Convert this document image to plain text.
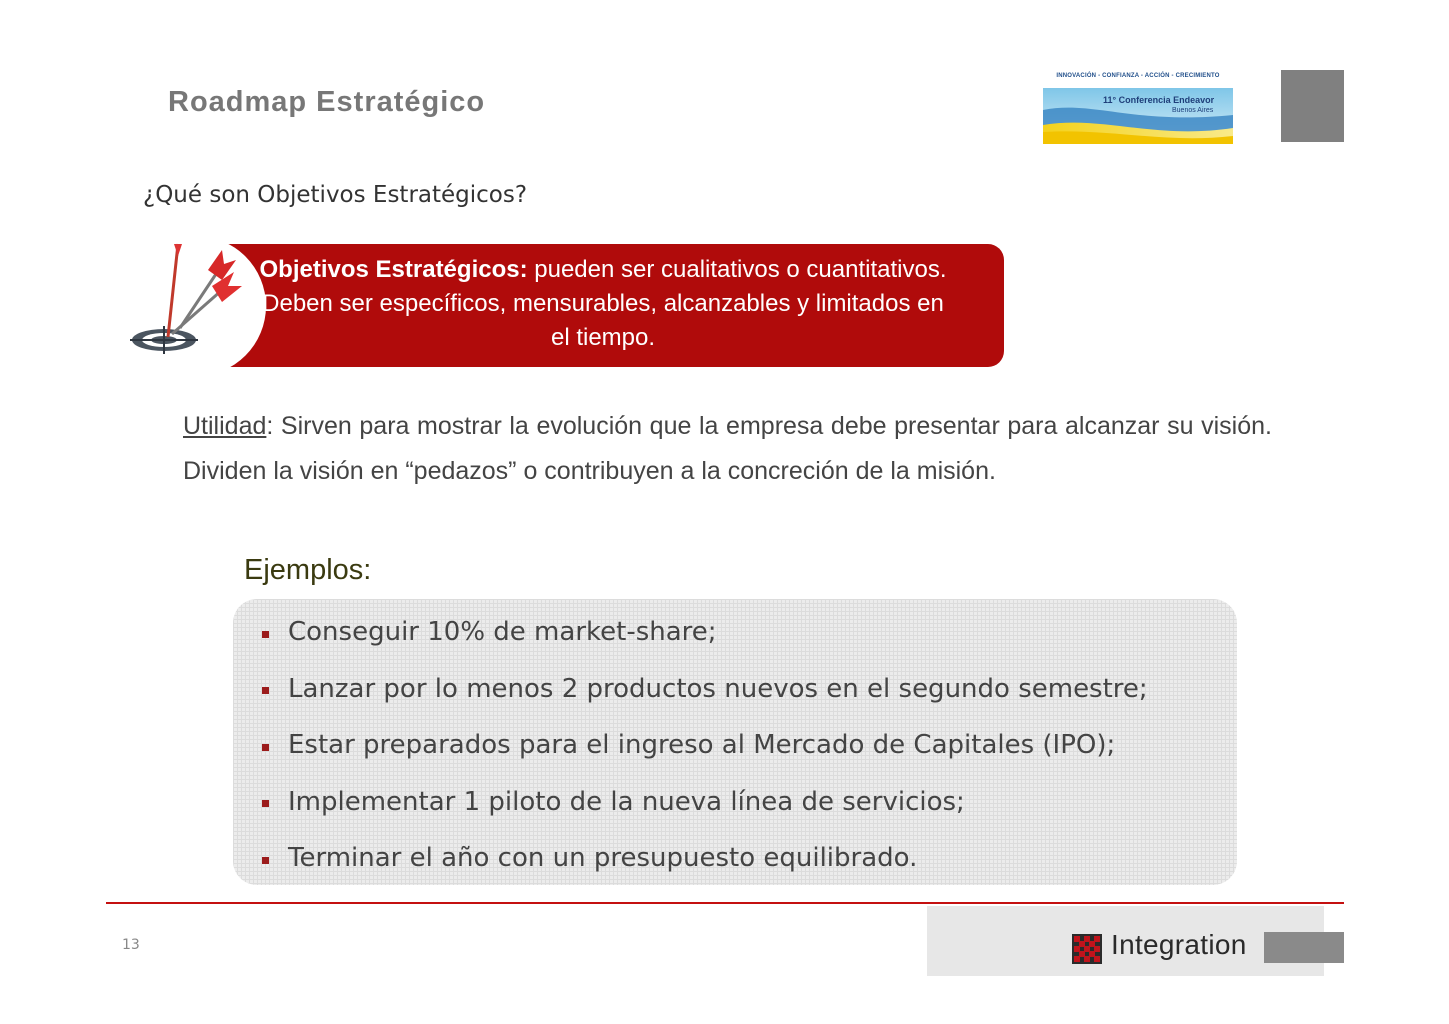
Roadmap Estratégico
INNOVACIÓN - CONFIANZA - ACCIÓN - CRECIMIENTO
11° Conferencia Endeavor
Buenos Aires
¿Qué son Objetivos Estratégicos?
Objetivos Estratégicos: pueden ser cualitativos o cuantitativos. Deben ser específicos, mensurables, alcanzables y limitados en el tiempo.
Utilidad: Sirven para mostrar la evolución que la empresa debe presentar para alcanzar su visión. Dividen la visión en “pedazos” o contribuyen a la concreción de la misión.
Ejemplos:
Conseguir 10% de market-share;
Lanzar por lo menos 2 productos nuevos en el segundo semestre;
Estar preparados para el ingreso al Mercado de Capitales (IPO);
Implementar 1 piloto de la nueva línea de servicios;
Terminar el año con un presupuesto equilibrado.
13	Integration
